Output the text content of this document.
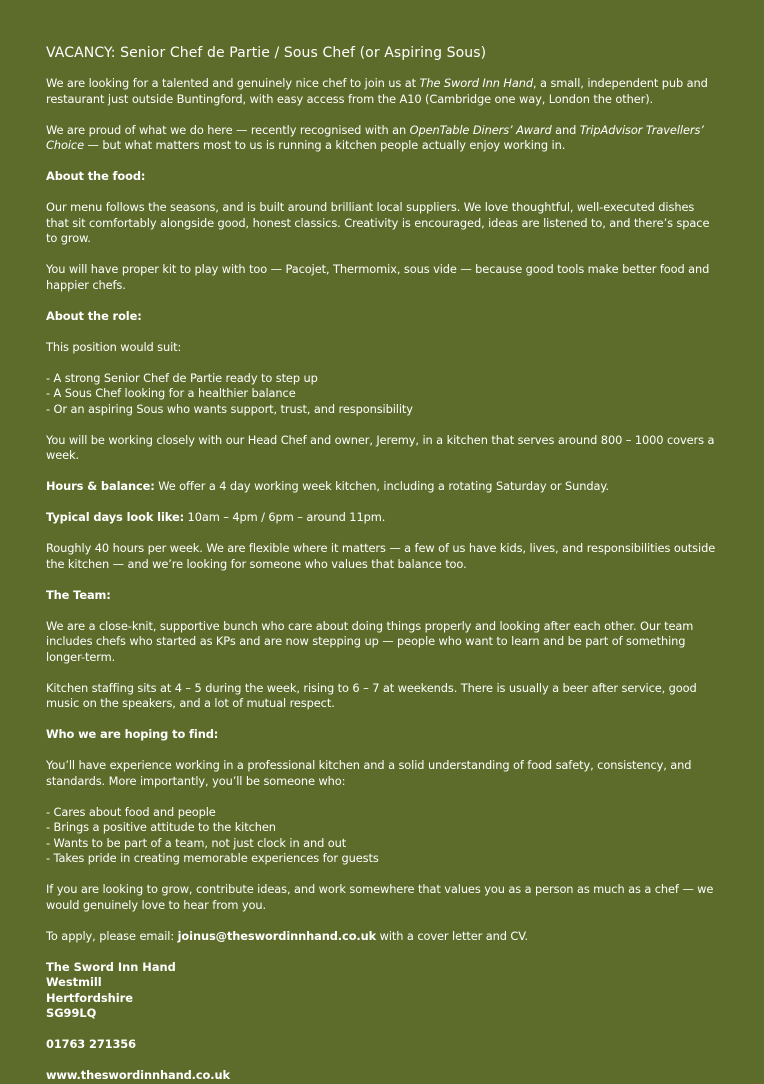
VACANCY: Senior Chef de Partie / Sous Chef (or Aspiring Sous)

We are looking for a talented and genuinely nice chef to join us at The Sword Inn Hand, a small, independent pub and restaurant just outside Buntingford, with easy access from the A10 (Cambridge one way, London the other).

We are proud of what we do here — recently recognised with an OpenTable Diners’ Award and TripAdvisor Travellers’ Choice — but what matters most to us is running a kitchen people actually enjoy working in.

About the food:

Our menu follows the seasons, and is built around brilliant local suppliers. We love thoughtful, well-executed dishes that sit comfortably alongside good, honest classics. Creativity is encouraged, ideas are listened to, and there’s space to grow.

You will have proper kit to play with too — Pacojet, Thermomix, sous vide — because good tools make better food and happier chefs.

About the role:

This position would suit:

- A strong Senior Chef de Partie ready to step up
- A Sous Chef looking for a healthier balance
- Or an aspiring Sous who wants support, trust, and responsibility

You will be working closely with our Head Chef and owner, Jeremy, in a kitchen that serves around 800 – 1000 covers a week.

Hours & balance: We offer a 4 day working week kitchen, including a rotating Saturday or Sunday.

Typical days look like: 10am – 4pm / 6pm – around 11pm.

Roughly 40 hours per week. We are flexible where it matters — a few of us have kids, lives, and responsibilities outside the kitchen — and we’re looking for someone who values that balance too.

The Team:

We are a close-knit, supportive bunch who care about doing things properly and looking after each other. Our team includes chefs who started as KPs and are now stepping up — people who want to learn and be part of something longer-term.

Kitchen staffing sits at 4 – 5 during the week, rising to 6 – 7 at weekends. There is usually a beer after service, good music on the speakers, and a lot of mutual respect.

Who we are hoping to find:

You’ll have experience working in a professional kitchen and a solid understanding of food safety, consistency, and standards. More importantly, you’ll be someone who:

- Cares about food and people
- Brings a positive attitude to the kitchen
- Wants to be part of a team, not just clock in and out
- Takes pride in creating memorable experiences for guests

If you are looking to grow, contribute ideas, and work somewhere that values you as a person as much as a chef — we would genuinely love to hear from you.

To apply, please email: joinus@theswordinnhand.co.uk with a cover letter and CV.

The Sword Inn Hand
Westmill
Hertfordshire
SG99LQ

01763 271356

www.theswordinnhand.co.uk
